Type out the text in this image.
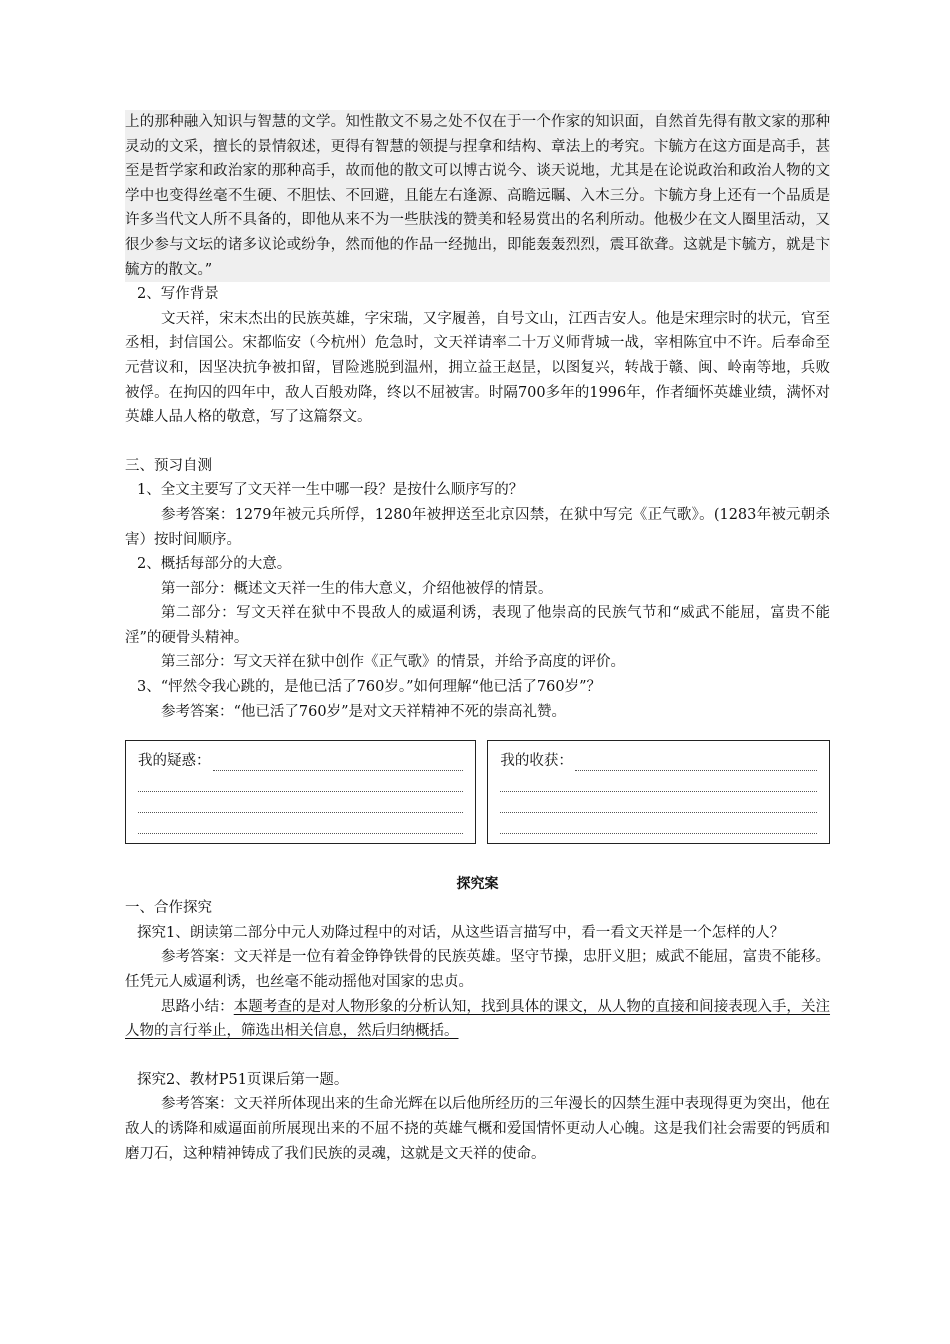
上的那种融入知识与智慧的文学。知性散文不易之处不仅在于一个作家的知识面，自然首先得有散文家的那种灵动的文采，擅长的景情叙述，更得有智慧的领提与捏拿和结构、章法上的考究。卞毓方在这方面是高手，甚至是哲学家和政治家的那种高手，故而他的散文可以博古说今、谈天说地，尤其是在论说政治和政治人物的文学中也变得丝毫不生硬、不胆怯、不回避，且能左右逢源、高瞻远瞩、入木三分。卞毓方身上还有一个品质是许多当代文人所不具备的，即他从来不为一些肤浅的赞美和轻易赏出的名利所动。他极少在文人圈里活动，又很少参与文坛的诸多议论或纷争，然而他的作品一经抛出，即能轰轰烈烈，震耳欲聋。这就是卞毓方，就是卞毓方的散文。”

2、写作背景

文天祥，宋末杰出的民族英雄，字宋瑞，又字履善，自号文山，江西吉安人。他是宋理宗时的状元，官至丞相，封信国公。宋都临安（今杭州）危急时，文天祥请率二十万义师背城一战，宰相陈宜中不许。后奉命至元营议和，因坚决抗争被扣留，冒险逃脱到温州，拥立益王赵昰，以图复兴，转战于赣、闽、岭南等地，兵败被俘。在拘囚的四年中，敌人百般劝降，终以不屈被害。时隔700多年的1996年，作者缅怀英雄业绩，满怀对英雄人品人格的敬意，写了这篇祭文。

三、预习自测

1、全文主要写了文天祥一生中哪一段？是按什么顺序写的？

参考答案：1279年被元兵所俘，1280年被押送至北京囚禁，在狱中写完《正气歌》。(1283年被元朝杀害）按时间顺序。

2、概括每部分的大意。

第一部分：概述文天祥一生的伟大意义，介绍他被俘的情景。

第二部分：写文天祥在狱中不畏敌人的威逼利诱，表现了他崇高的民族气节和“威武不能屈，富贵不能淫”的硬骨头精神。

第三部分：写文天祥在狱中创作《正气歌》的情景，并给予高度的评价。

3、“怦然令我心跳的，是他已活了760岁。”如何理解“他已活了760岁”？

参考答案：“他已活了760岁”是对文天祥精神不死的崇高礼赞。

我的疑惑：	我的收获：
探究案

一、合作探究

探究1、朗读第二部分中元人劝降过程中的对话，从这些语言描写中，看一看文天祥是一个怎样的人？

参考答案：文天祥是一位有着金铮铮铁骨的民族英雄。坚守节操，忠肝义胆；威武不能屈，富贵不能移。任凭元人威逼利诱，也丝毫不能动摇他对国家的忠贞。

思路小结：本题考查的是对人物形象的分析认知，找到具体的课文，从人物的直接和间接表现入手，关注人物的言行举止，筛选出相关信息，然后归纳概括。

探究2、教材P51页课后第一题。

参考答案：文天祥所体现出来的生命光辉在以后他所经历的三年漫长的囚禁生涯中表现得更为突出，他在敌人的诱降和威逼面前所展现出来的不屈不挠的英雄气概和爱国情怀更动人心魄。这是我们社会需要的钙质和磨刀石，这种精神铸成了我们民族的灵魂，这就是文天祥的使命。
